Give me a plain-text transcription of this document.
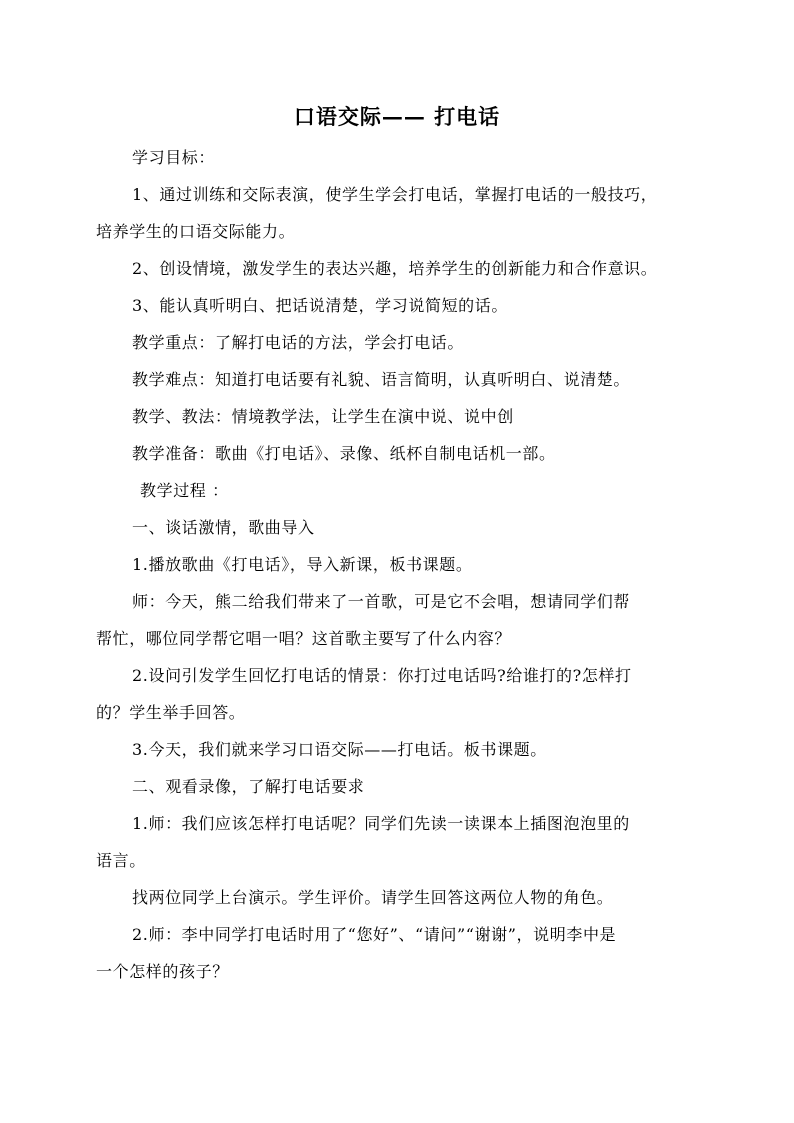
口语交际—— 打电话
学习目标：
1、通过训练和交际表演，使学生学会打电话，掌握打电话的一般技巧，
培养学生的口语交际能力。
2、创设情境，激发学生的表达兴趣，培养学生的创新能力和合作意识。
3、能认真听明白、把话说清楚，学习说简短的话。
教学重点：了解打电话的方法，学会打电话。
教学难点：知道打电话要有礼貌、语言简明，认真听明白、说清楚。
教学、教法：情境教学法，让学生在演中说、说中创
教学准备：歌曲《打电话》、录像、纸杯自制电话机一部。
教学过程 ：
一、谈话激情，歌曲导入
1.播放歌曲《打电话》，导入新课，板书课题。
师：今天，熊二给我们带来了一首歌，可是它不会唱，想请同学们帮
帮忙，哪位同学帮它唱一唱？这首歌主要写了什么内容？
2.设问引发学生回忆打电话的情景：你打过电话吗?给谁打的?怎样打
的？学生举手回答。
3.今天，我们就来学习口语交际——打电话。板书课题。
二、观看录像，了解打电话要求
1.师：我们应该怎样打电话呢？同学们先读一读课本上插图泡泡里的
语言。
找两位同学上台演示。学生评价。请学生回答这两位人物的角色。
2.师：李中同学打电话时用了“您好”、“请问”“谢谢”，说明李中是
一个怎样的孩子？
